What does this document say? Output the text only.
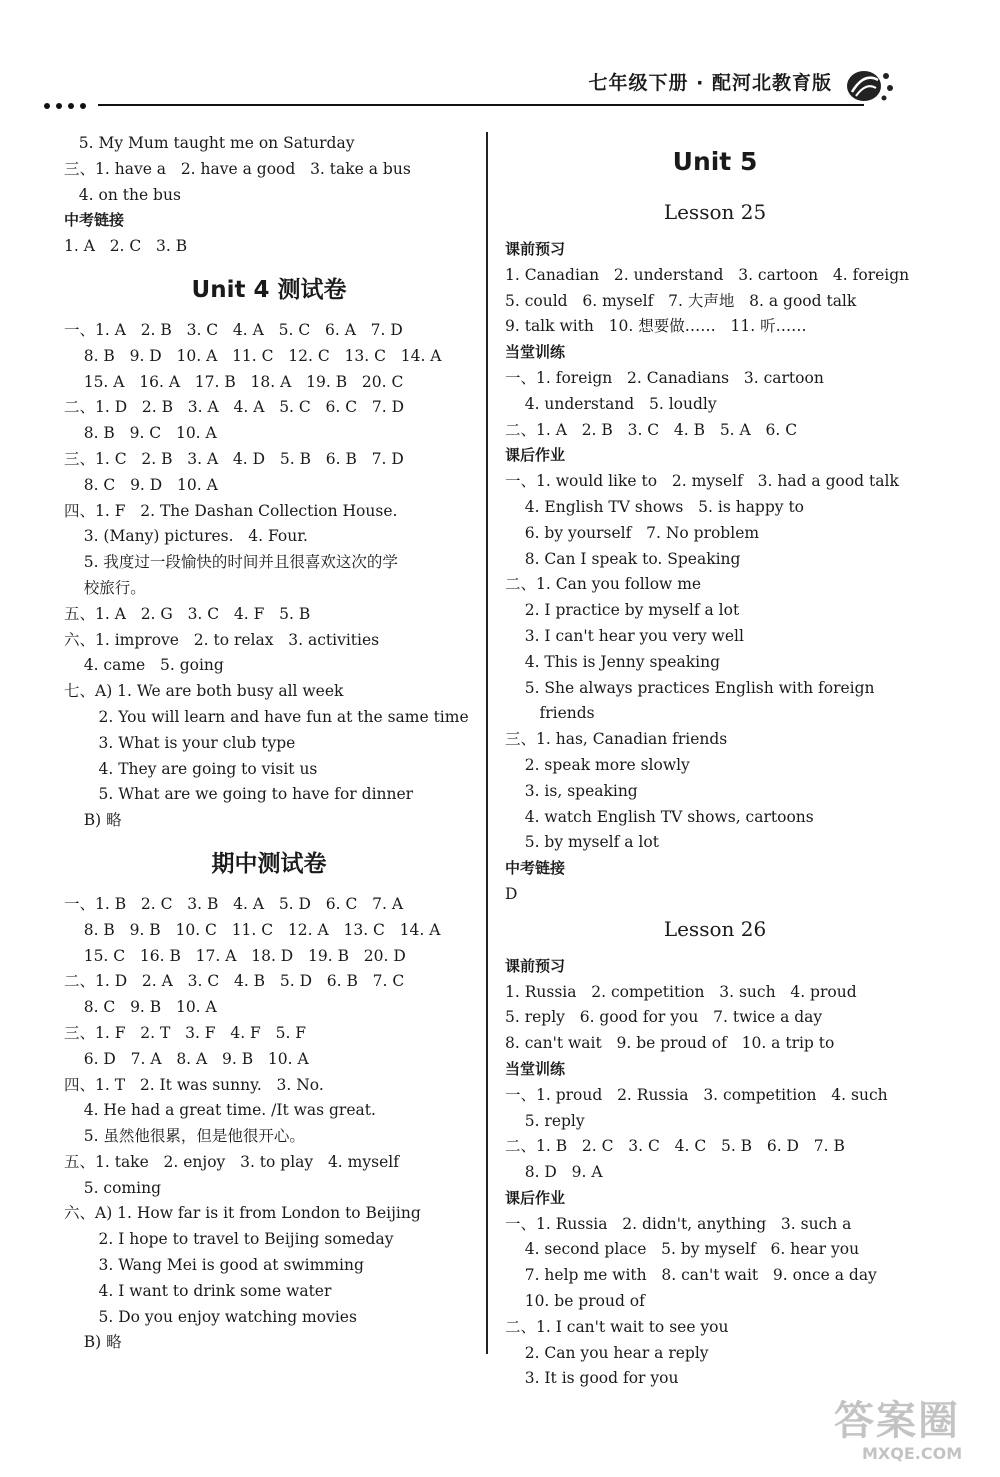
七年级下册 · 配河北教育版
5. My Mum taught me on Saturday
三、1. have a   2. have a good   3. take a bus
4. on the bus
中考链接
1. A   2. C   3. B
Unit 4 测试卷
一、1. A   2. B   3. C   4. A   5. C   6. A   7. D
8. B   9. D   10. A   11. C   12. C   13. C   14. A
15. A   16. A   17. B   18. A   19. B   20. C
二、1. D   2. B   3. A   4. A   5. C   6. C   7. D
8. B   9. C   10. A
三、1. C   2. B   3. A   4. D   5. B   6. B   7. D
8. C   9. D   10. A
四、1. F   2. The Dashan Collection House.
3. (Many) pictures.   4. Four.
5. 我度过一段愉快的时间并且很喜欢这次的学
校旅行。
五、1. A   2. G   3. C   4. F   5. B
六、1. improve   2. to relax   3. activities
4. came   5. going
七、A) 1. We are both busy all week
2. You will learn and have fun at the same time
3. What is your club type
4. They are going to visit us
5. What are we going to have for dinner
B) 略
期中测试卷
一、1. B   2. C   3. B   4. A   5. D   6. C   7. A
8. B   9. B   10. C   11. C   12. A   13. C   14. A
15. C   16. B   17. A   18. D   19. B   20. D
二、1. D   2. A   3. C   4. B   5. D   6. B   7. C
8. C   9. B   10. A
三、1. F   2. T   3. F   4. F   5. F
6. D   7. A   8. A   9. B   10. A
四、1. T   2. It was sunny.   3. No.
4. He had a great time. /It was great.
5. 虽然他很累，但是他很开心。
五、1. take   2. enjoy   3. to play   4. myself
5. coming
六、A) 1. How far is it from London to Beijing
2. I hope to travel to Beijing someday
3. Wang Mei is good at swimming
4. I want to drink some water
5. Do you enjoy watching movies
B) 略
Unit 5
Lesson 25
课前预习
1. Canadian   2. understand   3. cartoon   4. foreign
5. could   6. myself   7. 大声地   8. a good talk
9. talk with   10. 想要做……   11. 听……
当堂训练
一、1. foreign   2. Canadians   3. cartoon
4. understand   5. loudly
二、1. A   2. B   3. C   4. B   5. A   6. C
课后作业
一、1. would like to   2. myself   3. had a good talk
4. English TV shows   5. is happy to
6. by yourself   7. No problem
8. Can I speak to. Speaking
二、1. Can you follow me
2. I practice by myself a lot
3. I can't hear you very well
4. This is Jenny speaking
5. She always practices English with foreign
friends
三、1. has, Canadian friends
2. speak more slowly
3. is, speaking
4. watch English TV shows, cartoons
5. by myself a lot
中考链接
D
Lesson 26
课前预习
1. Russia   2. competition   3. such   4. proud
5. reply   6. good for you   7. twice a day
8. can't wait   9. be proud of   10. a trip to
当堂训练
一、1. proud   2. Russia   3. competition   4. such
5. reply
二、1. B   2. C   3. C   4. C   5. B   6. D   7. B
8. D   9. A
课后作业
一、1. Russia   2. didn't, anything   3. such a
4. second place   5. by myself   6. hear you
7. help me with   8. can't wait   9. once a day
10. be proud of
二、1. I can't wait to see you
2. Can you hear a reply
3. It is good for you
答案圈
MXQE.COM
